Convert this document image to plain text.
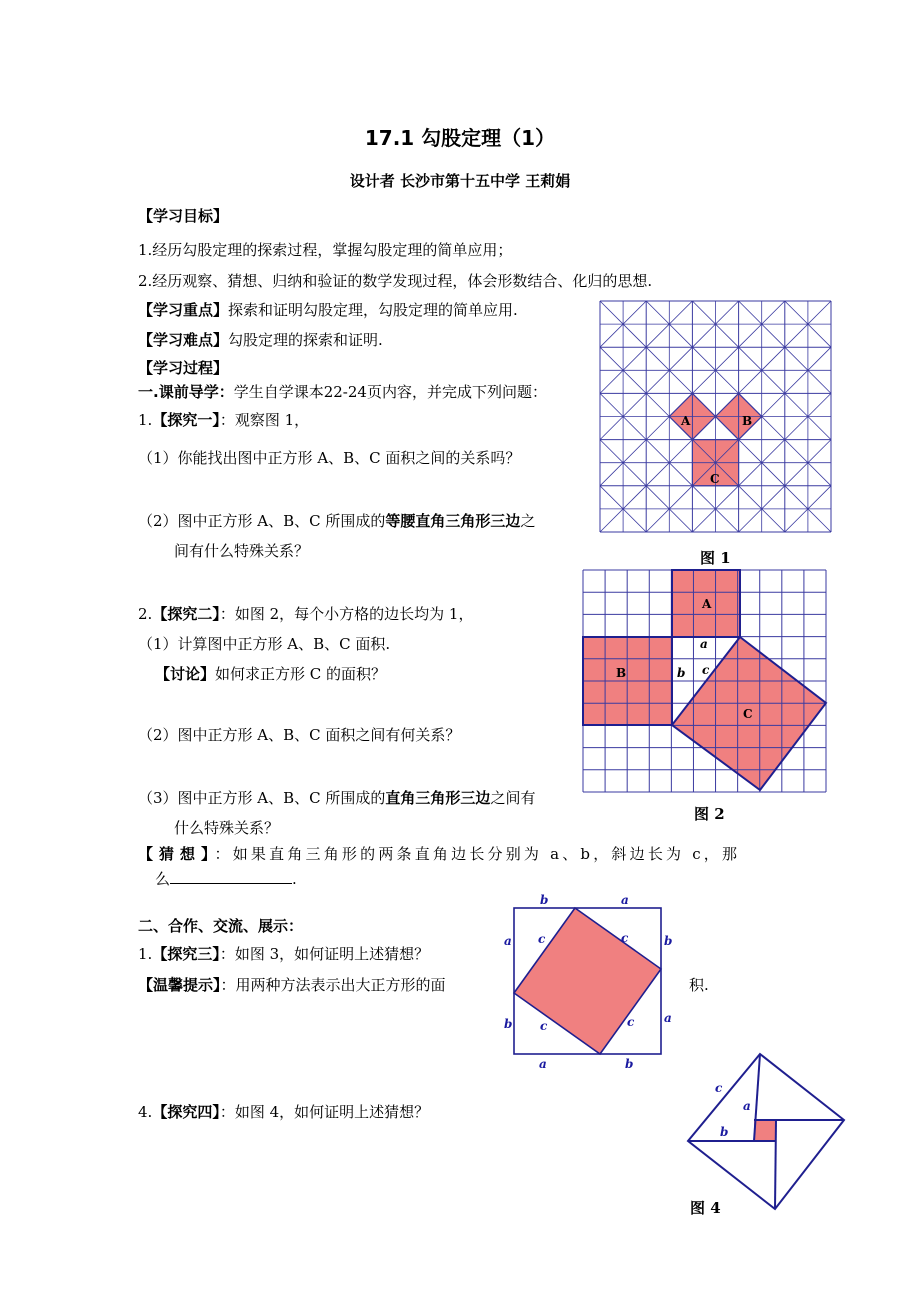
17.1 勾股定理（1）
设计者 长沙市第十五中学 王莉娟
【学习目标】
1.经历勾股定理的探索过程，掌握勾股定理的简单应用；
2.经历观察、猜想、归纳和验证的数学发现过程，体会形数结合、化归的思想.
【学习重点】探索和证明勾股定理，勾股定理的简单应用.
【学习难点】勾股定理的探索和证明.
【学习过程】
一.课前导学：学生自学课本22-24页内容，并完成下列问题：
1.【探究一】：观察图 1，
（1）你能找出图中正方形 A、B、C 面积之间的关系吗？
（2）图中正方形 A、B、C 所围成的等腰直角三角形三边之
间有什么特殊关系？
2.【探究二】：如图 2，每个小方格的边长均为 1，
（1）计算图中正方形 A、B、C 面积.
【讨论】如何求正方形 C 的面积？
（2）图中正方形 A、B、C 面积之间有何关系？
（3）图中正方形 A、B、C 所围成的直角三角形三边之间有
什么特殊关系？
【猜想】：如果直角三角形的两条直角边长分别为 a、b，斜边长为 c，那
么	.
二、合作、交流、展示：
1.【探究三】：如图 3，如何证明上述猜想？
【温馨提示】：用两种方法表示出大正方形的面	积.
4.【探究四】：如图 4，如何证明上述猜想？
A	B
C
图 1
A
B
C
a
b c
图 2
b	a
a c	c	b
b c	c a
a	b
c
a
b
图 4
